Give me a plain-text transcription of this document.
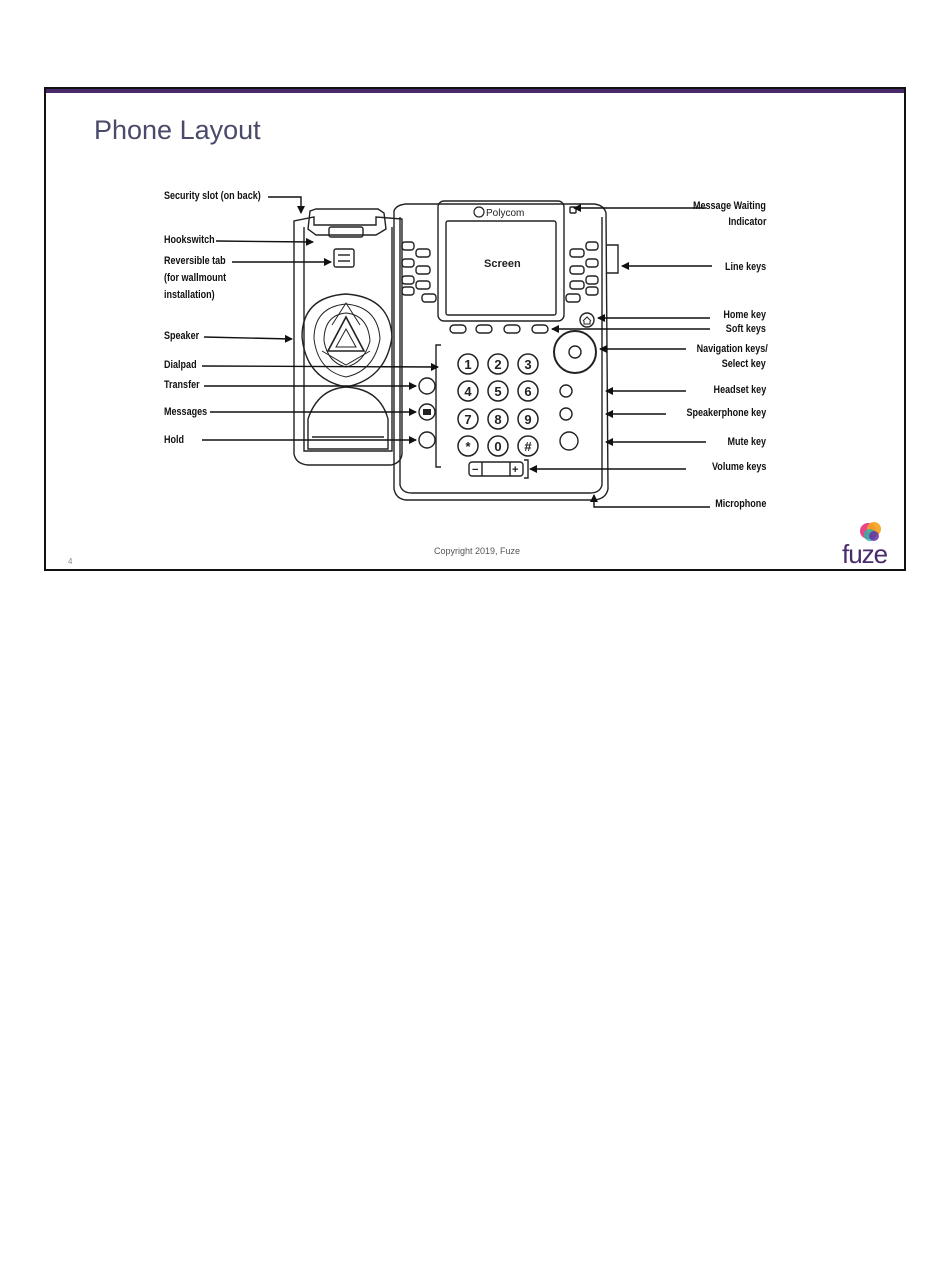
Phone Layout
1 2 3
4 5 6
7 8 9
* 0 #
Polycom
Screen
−	+
Security slot (on back)
Hookswitch
Reversible tab
(for wallmount
installation)
Speaker
Dialpad
Transfer
Messages
Hold
Message Waiting
Indicator
Line keys
Home key
Soft keys
Navigation keys/
Select key
Headset key
Speakerphone key
Mute key
Volume keys
Microphone
Copyright 2019, Fuze
4	fuze
